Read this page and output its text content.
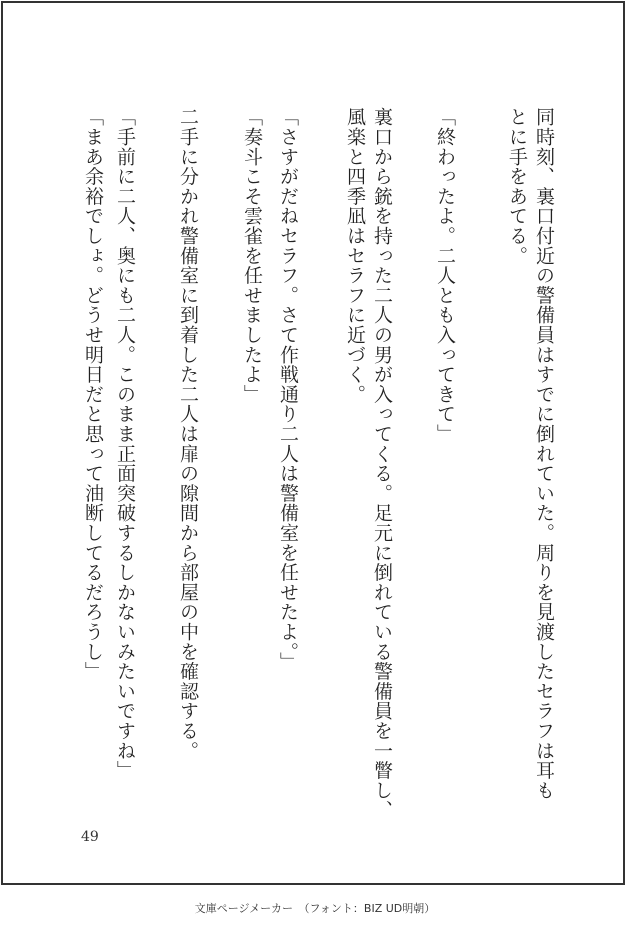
同時刻、裏口付近の警備員はすでに倒れていた。周りを見渡したセラフは耳も

とに手をあてる。

「終わったよ。二人とも入ってきて」

裏口から銃を持った二人の男が入ってくる。足元に倒れている警備員を一瞥し、

風楽と四季凪はセラフに近づく。

「さすがだねセラフ。さて作戦通り二人は警備室を任せたよ。」

「奏斗こそ雲雀を任せましたよ」

二手に分かれ警備室に到着した二人は扉の隙間から部屋の中を確認する。

「手前に二人、奥にも二人。このまま正面突破するしかないみたいですね」

「まあ余裕でしょ。どうせ明日だと思って油断してるだろうし」

49
文庫ページメーカー　（フォント：BIZ UD明朝）
